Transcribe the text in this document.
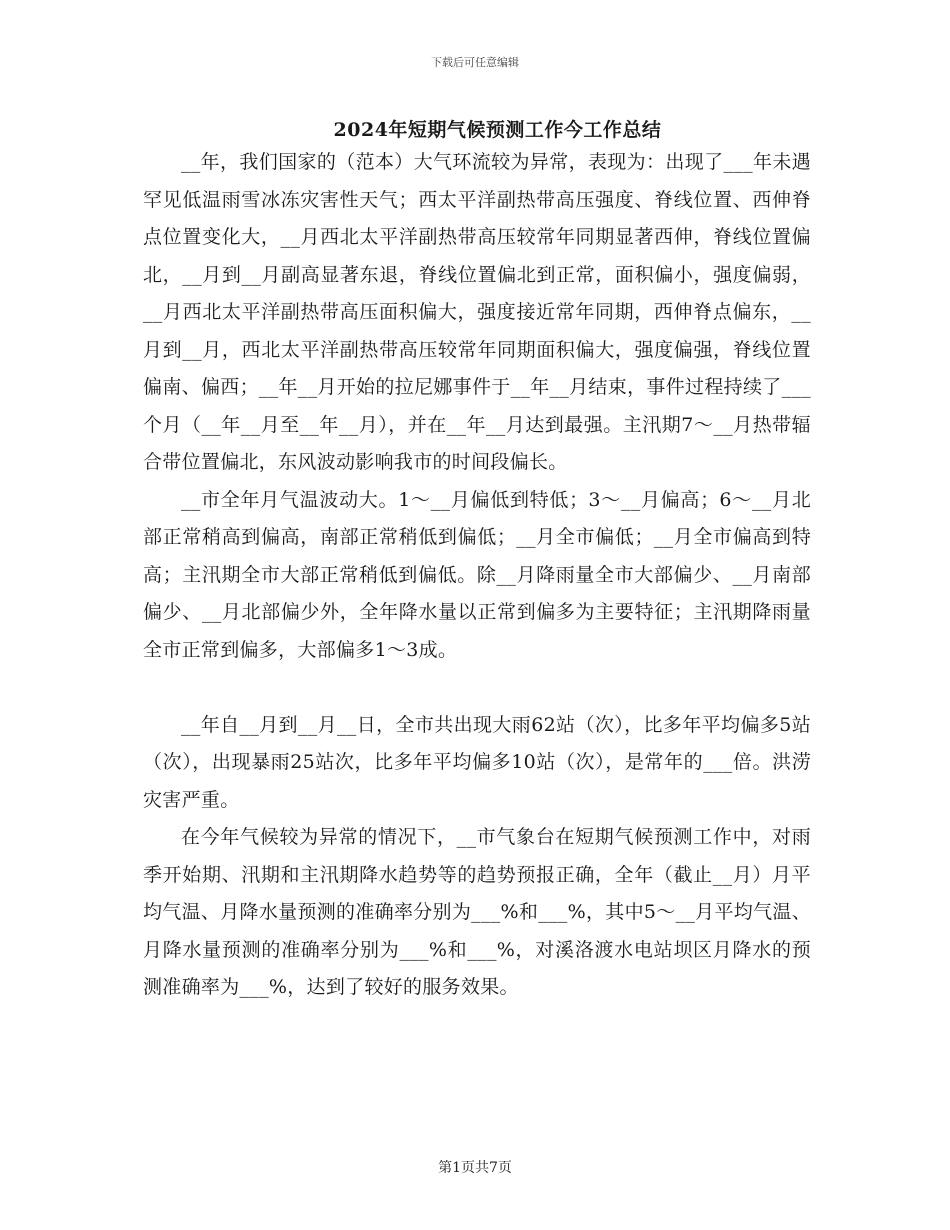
下载后可任意编辑
2024年短期气候预测工作今工作总结

__年，我们国家的（范本）大气环流较为异常，表现为：出现了___年未遇罕见低温雨雪冰冻灾害性天气；西太平洋副热带高压强度、脊线位置、西伸脊点位置变化大，__月西北太平洋副热带高压较常年同期显著西伸，脊线位置偏北，__月到__月副高显著东退，脊线位置偏北到正常，面积偏小，强度偏弱，__月西北太平洋副热带高压面积偏大，强度接近常年同期，西伸脊点偏东，__月到__月，西北太平洋副热带高压较常年同期面积偏大，强度偏强，脊线位置偏南、偏西；__年__月开始的拉尼娜事件于__年__月结束，事件过程持续了___个月（__年__月至__年__月），并在__年__月达到最强。主汛期7～__月热带辐合带位置偏北，东风波动影响我市的时间段偏长。

__市全年月气温波动大。1～__月偏低到特低；3～__月偏高；6～__月北部正常稍高到偏高，南部正常稍低到偏低；__月全市偏低；__月全市偏高到特高；主汛期全市大部正常稍低到偏低。除__月降雨量全市大部偏少、__月南部偏少、__月北部偏少外，全年降水量以正常到偏多为主要特征；主汛期降雨量全市正常到偏多，大部偏多1～3成。

__年自__月到__月__日，全市共出现大雨62站（次），比多年平均偏多5站（次），出现暴雨25站次，比多年平均偏多10站（次），是常年的___倍。洪涝灾害严重。

在今年气候较为异常的情况下，__市气象台在短期气候预测工作中，对雨季开始期、汛期和主汛期降水趋势等的趋势预报正确，全年（截止__月）月平均气温、月降水量预测的准确率分别为___%和___%，其中5～__月平均气温、月降水量预测的准确率分别为___%和___%，对溪洛渡水电站坝区月降水的预测准确率为___%，达到了较好的服务效果。

第1页共7页
